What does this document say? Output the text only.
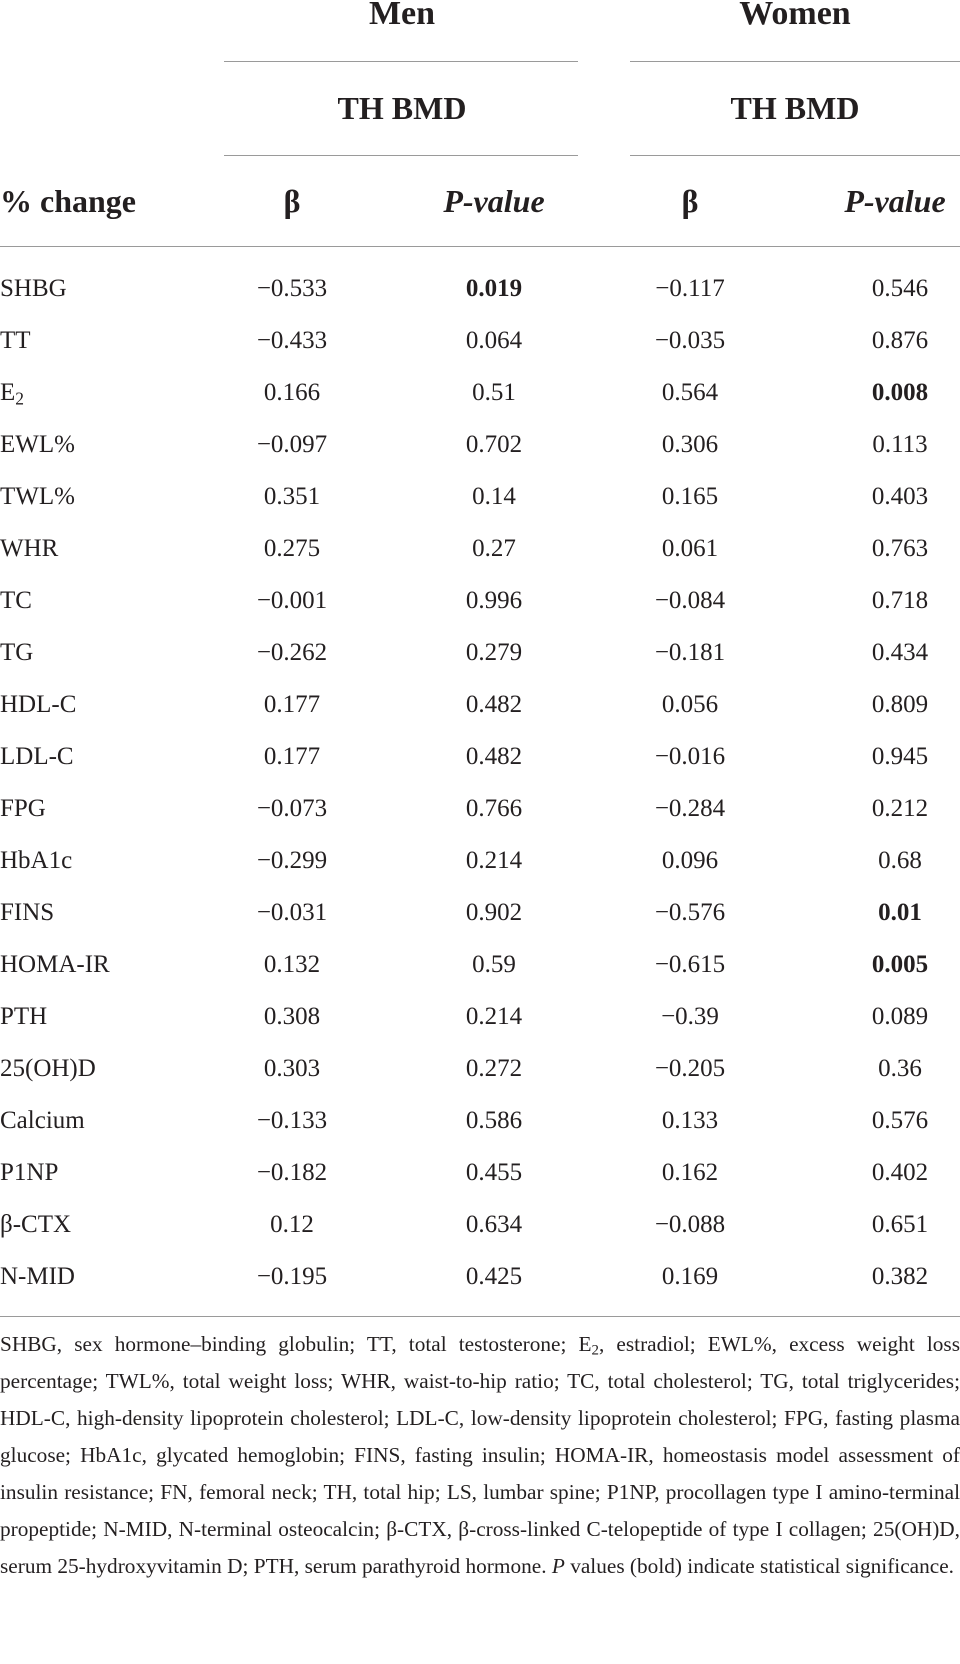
Men	Women
TH BMD	TH BMD
% change	β	P-value	β	P-value
SHBG	−0.533	0.019	−0.117	0.546
TT	−0.433	0.064	−0.035	0.876
$E_2$	0.166	0.51	0.564	0.008
EWL%	−0.097	0.702	0.306	0.113
TWL%	0.351	0.14	0.165	0.403
WHR	0.275	0.27	0.061	0.763
TC	−0.001	0.996	−0.084	0.718
TG	−0.262	0.279	−0.181	0.434
HDL-C	0.177	0.482	0.056	0.809
LDL-C	0.177	0.482	−0.016	0.945
FPG	−0.073	0.766	−0.284	0.212
HbA1c	−0.299	0.214	0.096	0.68
FINS	−0.031	0.902	−0.576	0.01
HOMA-IR	0.132	0.59	−0.615	0.005
PTH	0.308	0.214	−0.39	0.089
25(OH)D	0.303	0.272	−0.205	0.36
Calcium	−0.133	0.586	0.133	0.576
P1NP	−0.182	0.455	0.162	0.402
β-CTX	0.12	0.634	−0.088	0.651
N-MID	−0.195	0.425	0.169	0.382
SHBG, sex hormone–binding globulin; TT, total testosterone; $E_2$, estradiol; EWL%, excess weight loss percentage; TWL%, total weight loss; WHR, waist-to-hip ratio; TC, total cholesterol; TG, total triglycerides; HDL-C, high-density lipoprotein cholesterol; LDL-C, low-density lipoprotein cholesterol; FPG, fasting plasma glucose; HbA1c, glycated hemoglobin; FINS, fasting insulin; HOMA-IR, homeostasis model assessment of insulin resistance; FN, femoral neck; TH, total hip; LS, lumbar spine; P1NP, procollagen type I amino-terminal propeptide; N-MID, N-terminal osteocalcin; β-CTX, β-cross-linked C-telopeptide of type I collagen; 25(OH)D, serum 25-hydroxyvitamin D; PTH, serum parathyroid hormone. P values (bold) indicate statistical significance.
